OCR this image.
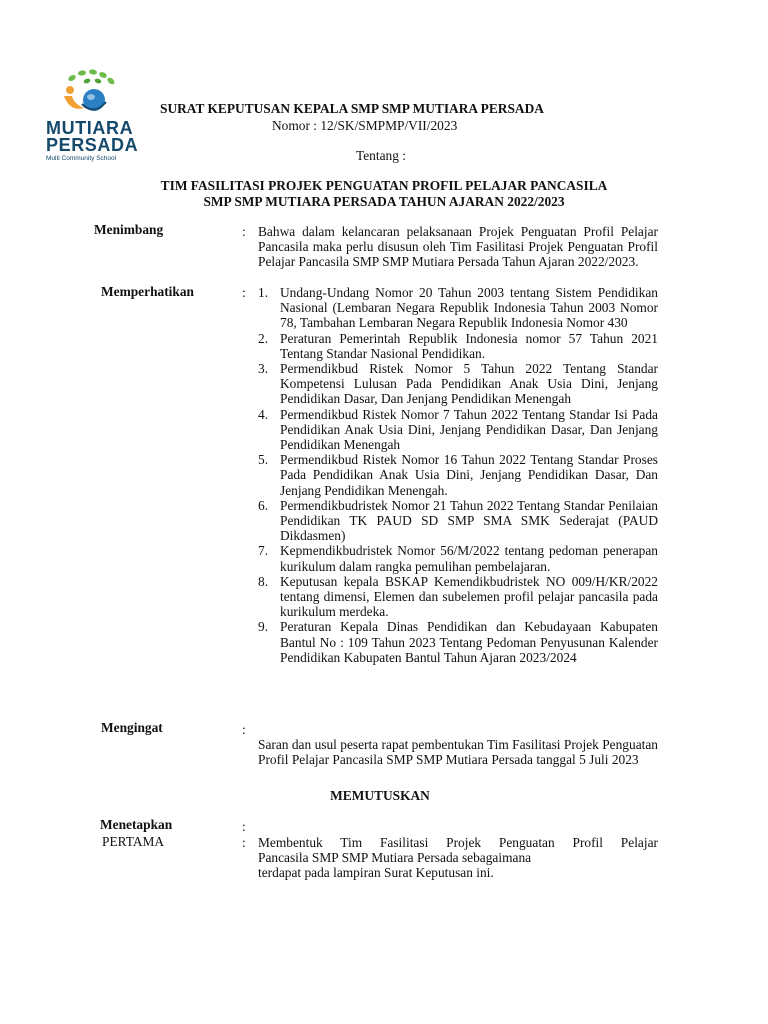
MUTIARA
PERSADA
Multi Community School
SURAT KEPUTUSAN KEPALA SMP SMP MUTIARA PERSADA
Nomor : 12/SK/SMPMP/VII/2023
Tentang :
TIM FASILITASI PROJEK PENGUATAN PROFIL PELAJAR PANCASILA
SMP SMP MUTIARA PERSADA TAHUN AJARAN 2022/2023
Menimbang	: Bahwa dalam kelancaran pelaksanaan Projek Penguatan Profil Pelajar Pancasila maka perlu disusun oleh Tim Fasilitasi Projek Penguatan Profil Pelajar Pancasila SMP SMP Mutiara Persada Tahun Ajaran 2022/2023.
Memperhatikan	: 1. Undang-Undang Nomor 20 Tahun 2003 tentang Sistem Pendidikan Nasional (Lembaran Negara Republik Indonesia Tahun 2003 Nomor 78, Tambahan Lembaran Negara Republik Indonesia Nomor 430
2. Peraturan Pemerintah Republik Indonesia nomor 57 Tahun 2021 Tentang Standar Nasional Pendidikan.
3. Permendikbud Ristek Nomor 5 Tahun 2022 Tentang Standar Kompetensi Lulusan Pada Pendidikan Anak Usia Dini, Jenjang Pendidikan Dasar, Dan Jenjang Pendidikan Menengah
4. Permendikbud Ristek Nomor 7 Tahun 2022 Tentang Standar Isi Pada Pendidikan Anak Usia Dini, Jenjang Pendidikan Dasar, Dan Jenjang Pendidikan Menengah
5. Permendikbud Ristek Nomor 16 Tahun 2022 Tentang Standar Proses Pada Pendidikan Anak Usia Dini, Jenjang Pendidikan Dasar, Dan Jenjang Pendidikan Menengah.
6. Permendikbudristek Nomor 21 Tahun 2022 Tentang Standar Penilaian Pendidikan TK PAUD SD SMP SMA SMK Sederajat (PAUD Dikdasmen)
7. Kepmendikbudristek Nomor 56/M/2022 tentang pedoman penerapan kurikulum dalam rangka pemulihan pembelajaran.
8. Keputusan kepala BSKAP Kemendikbudristek NO 009/H/KR/2022 tentang dimensi, Elemen dan subelemen profil pelajar pancasila pada kurikulum merdeka.
9. Peraturan Kepala Dinas Pendidikan dan Kebudayaan Kabupaten Bantul No : 109 Tahun 2023 Tentang Pedoman Penyusunan Kalender Pendidikan Kabupaten Bantul Tahun Ajaran 2023/2024
Mengingat	:
Saran dan usul peserta rapat pembentukan Tim Fasilitasi Projek Penguatan Profil Pelajar Pancasila SMP SMP Mutiara Persada tanggal 5 Juli 2023
MEMUTUSKAN
Menetapkan	:
PERTAMA	: Membentuk Tim Fasilitasi Projek Penguatan Profil Pelajar
Pancasila SMP SMP Mutiara Persada sebagaimana
terdapat pada lampiran Surat Keputusan ini.
